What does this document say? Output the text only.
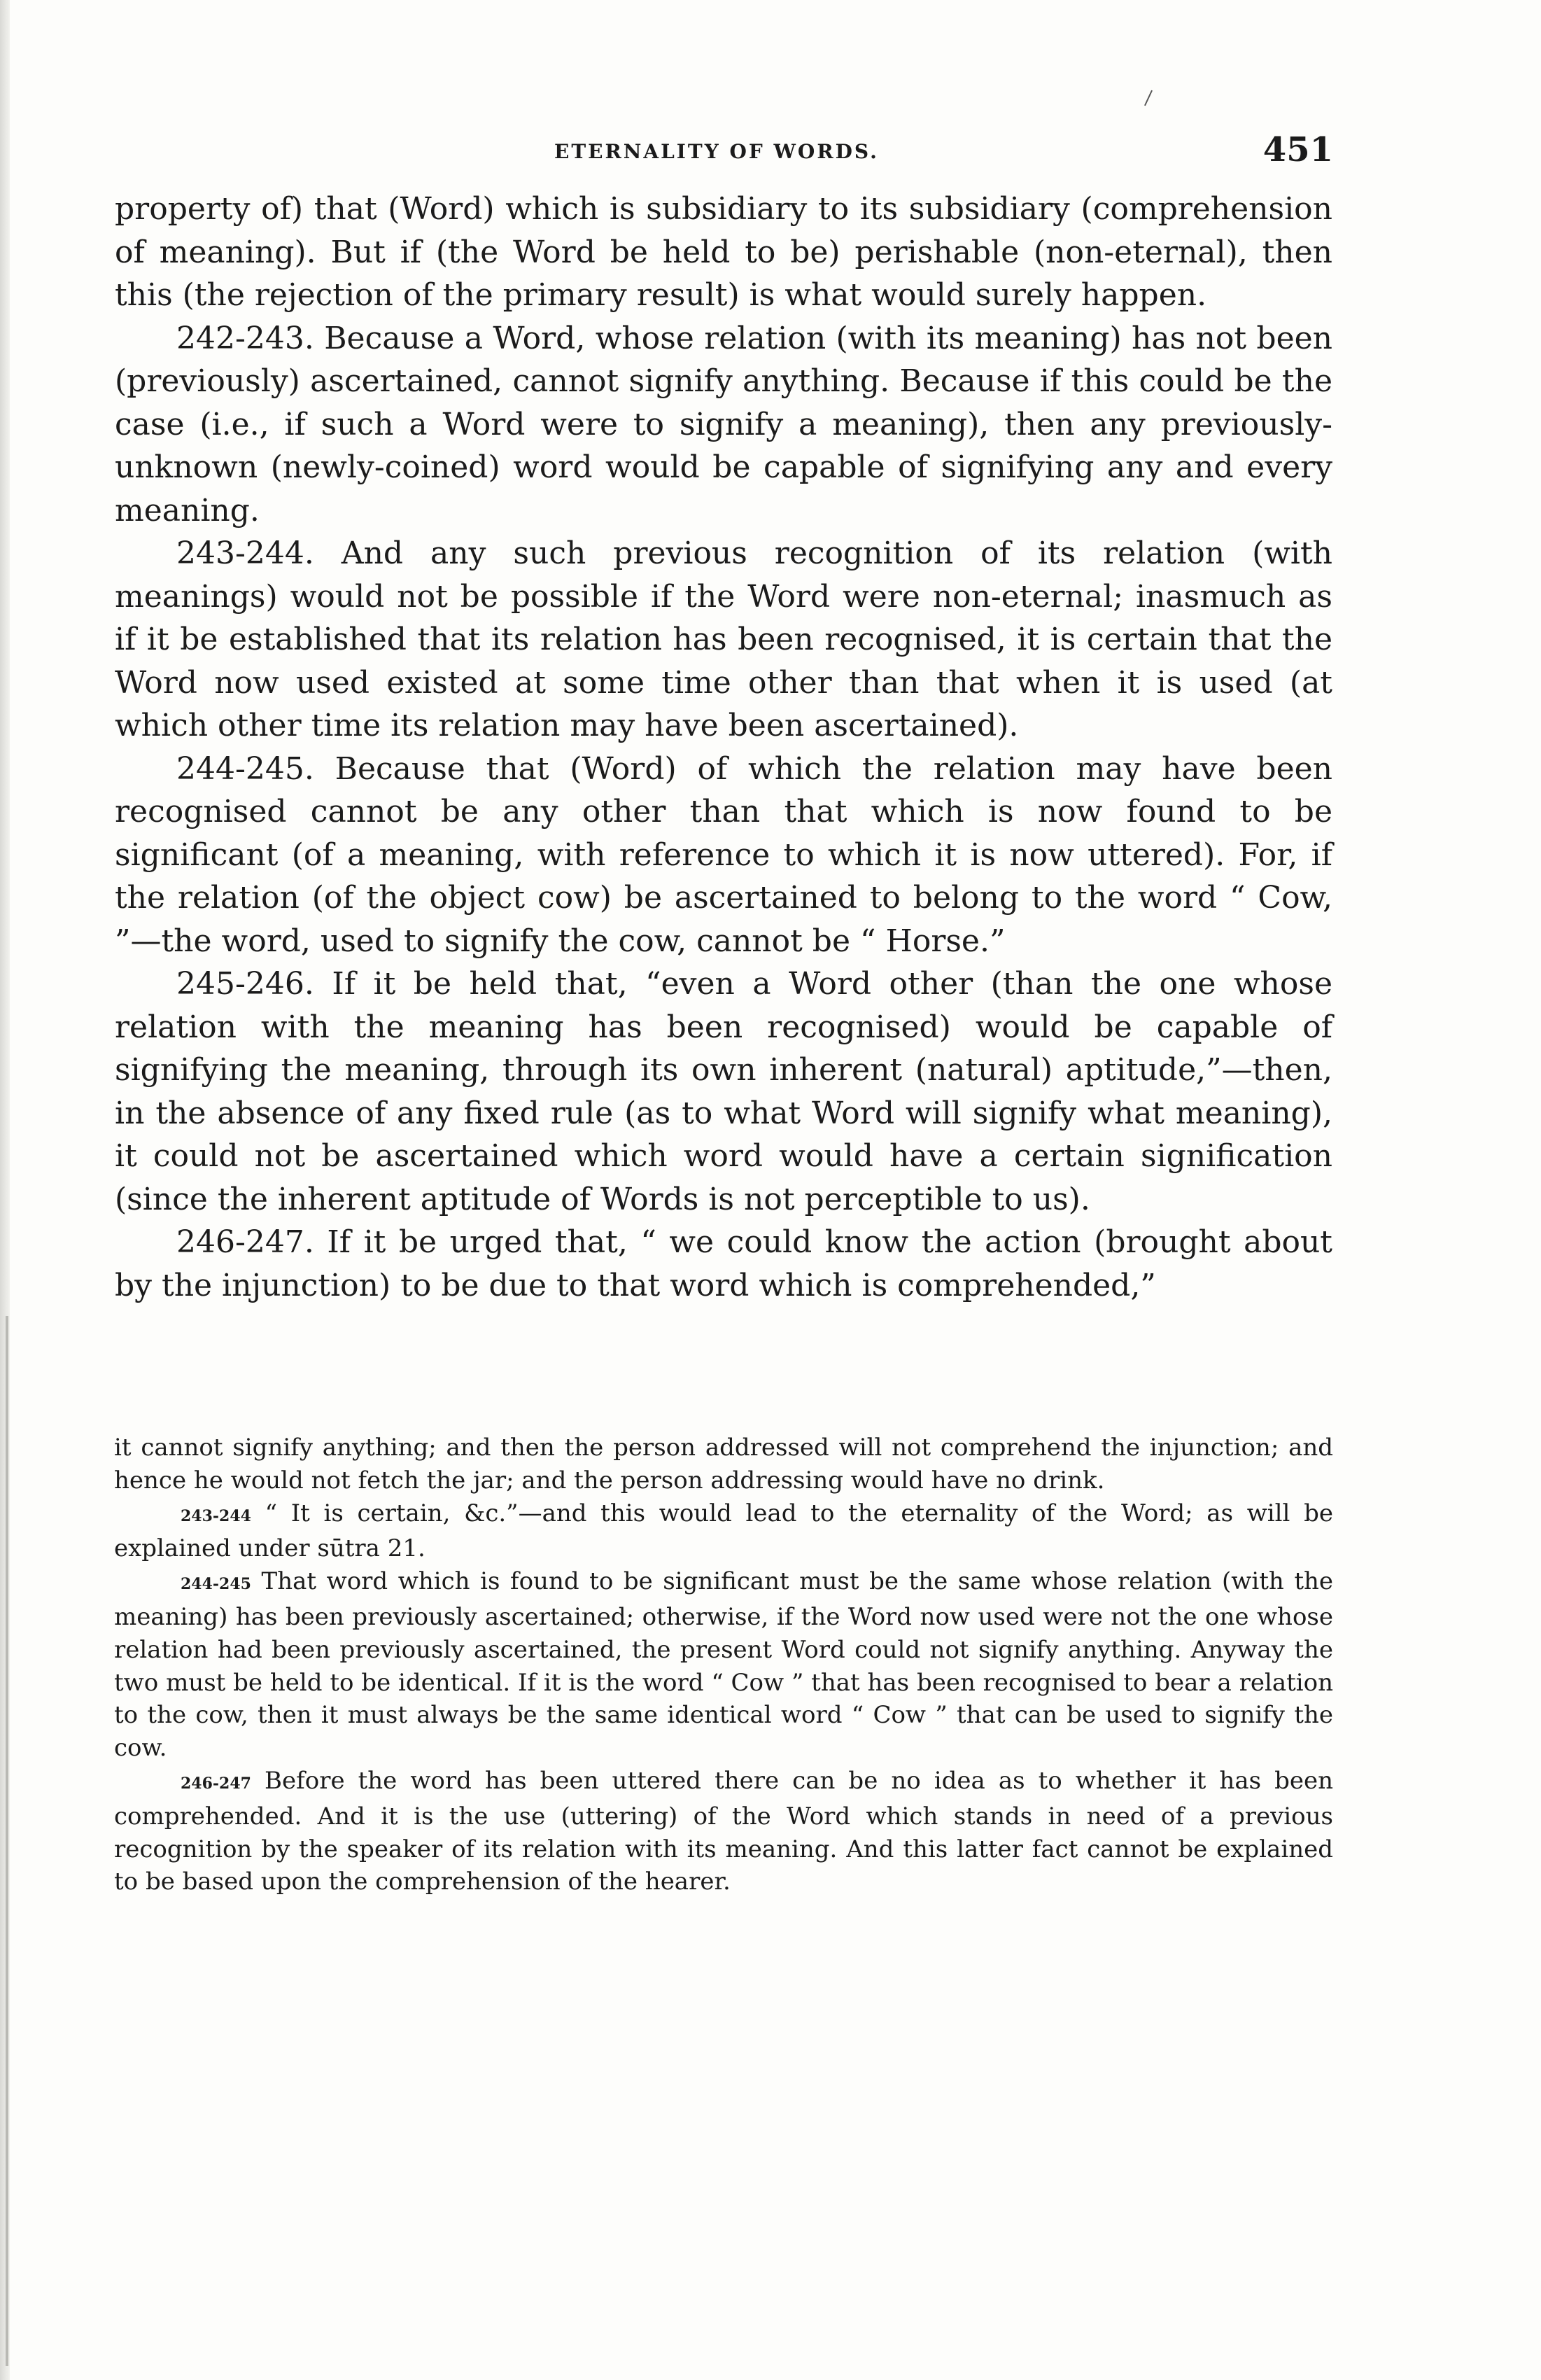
ETERNALITY OF WORDS.	451

property of) that (Word) which is subsidiary to its subsidiary (comprehension of meaning). But if (the Word be held to be) perishable (non-eternal), then this (the rejection of the primary result) is what would surely happen.

242-243. Because a Word, whose relation (with its meaning) has not been (previously) ascertained, cannot signify anything. Because if this could be the case (i.e., if such a Word were to signify a meaning), then any previously-unknown (newly-coined) word would be capable of signifying any and every meaning.

243-244. And any such previous recognition of its relation (with meanings) would not be possible if the Word were non-eternal; inasmuch as if it be established that its relation has been recognised, it is certain that the Word now used existed at some time other than that when it is used (at which other time its relation may have been ascertained).

244-245. Because that (Word) of which the relation may have been recognised cannot be any other than that which is now found to be significant (of a meaning, with reference to which it is now uttered). For, if the relation (of the object cow) be ascertained to belong to the word “ Cow, ”—the word, used to signify the cow, cannot be “ Horse.”

245-246. If it be held that, “even a Word other (than the one whose relation with the meaning has been recognised) would be capable of signifying the meaning, through its own inherent (natural) aptitude,”—then, in the absence of any fixed rule (as to what Word will signify what meaning), it could not be ascertained which word would have a certain signification (since the inherent aptitude of Words is not perceptible to us).

246-247. If it be urged that, “ we could know the action (brought about by the injunction) to be due to that word which is comprehended,”

it cannot signify anything; and then the person addressed will not comprehend the injunction; and hence he would not fetch the jar; and the person addressing would have no drink.

243-244 “ It is certain, &c.”—and this would lead to the eternality of the Word; as will be explained under sūtra 21.

244-245 That word which is found to be significant must be the same whose relation (with the meaning) has been previously ascertained; otherwise, if the Word now used were not the one whose relation had been previously ascertained, the present Word could not signify anything. Anyway the two must be held to be identical. If it is the word “ Cow ” that has been recognised to bear a relation to the cow, then it must always be the same identical word “ Cow ” that can be used to signify the cow.

246-247 Before the word has been uttered there can be no idea as to whether it has been comprehended. And it is the use (uttering) of the Word which stands in need of a previous recognition by the speaker of its relation with its meaning. And this latter fact cannot be explained to be based upon the comprehension of the hearer.
